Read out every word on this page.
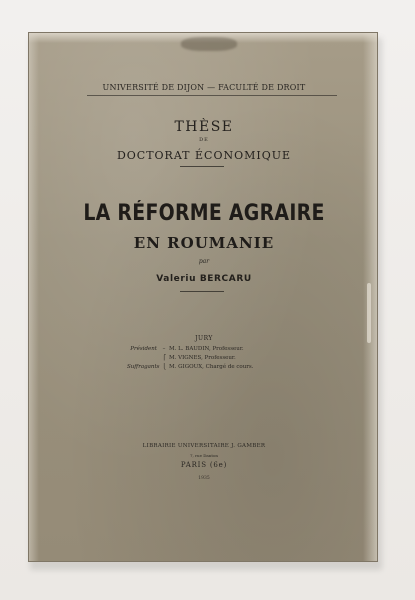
UNIVERSITÉ DE DIJON — FACULTÉ DE DROIT
THÈSE
DE
DOCTORAT ÉCONOMIQUE
LA RÉFORME AGRAIRE
EN ROUMANIE
par
Valeriu BERCARU
JURY
Président	– M. L. BAUDIN, Professeur.
⎧ M. VIGNES, Professeur.
Suffragants ⎩ M. GIGOUX, Chargé de cours.
LIBRAIRIE UNIVERSITAIRE J. GAMBER
7, rue Danton
PARIS (6e)
1935
